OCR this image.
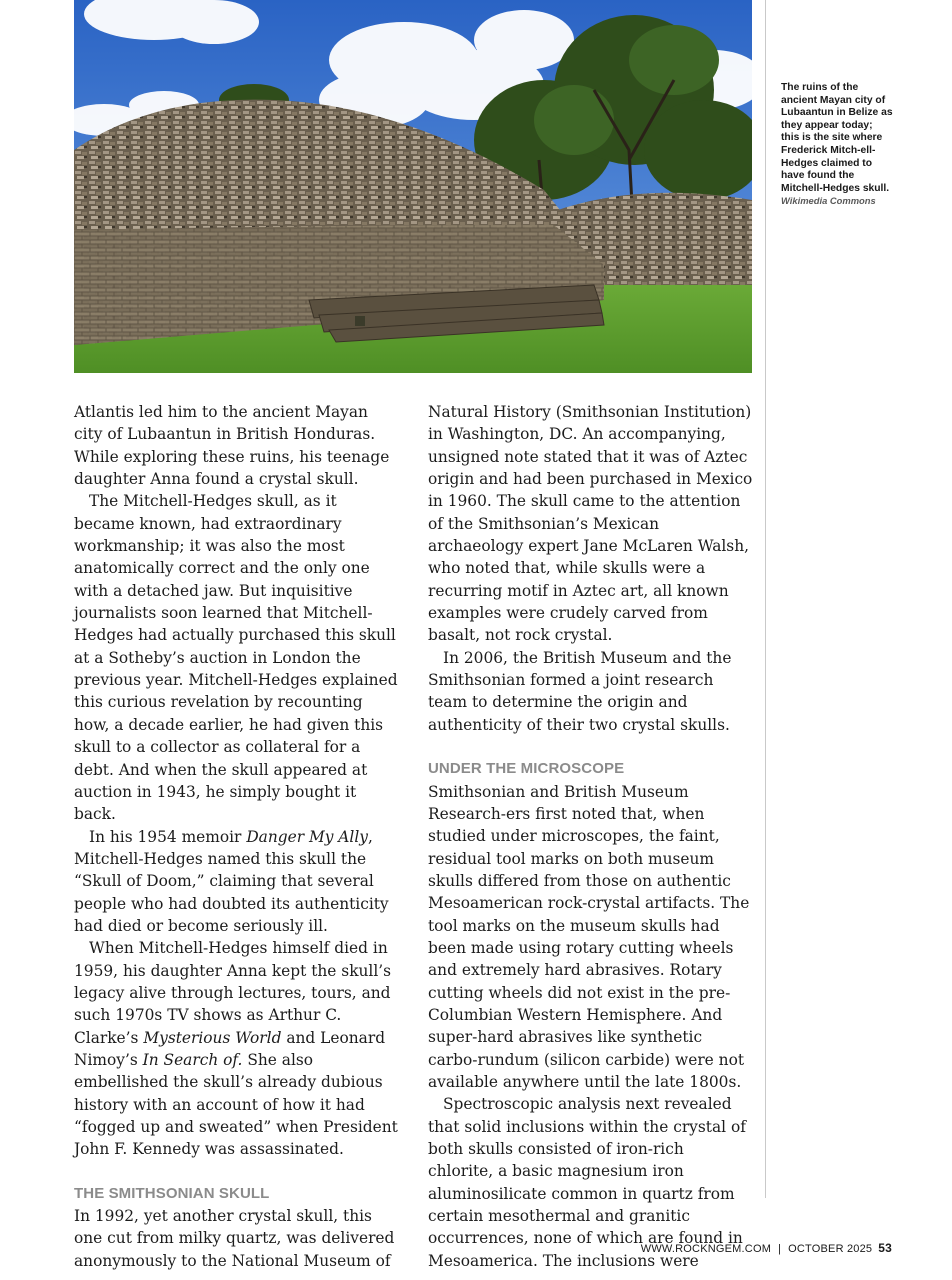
The ruins of the ancient Mayan city of Lubaantun in Belize as they appear today; this is the site where Frederick Mitch-ell-Hedges claimed to have found the Mitchell-Hedges skull.
Wikimedia Commons

Atlantis led him to the ancient Mayan city of Lubaantun in British Honduras. While exploring these ruins, his teenage daughter Anna found a crystal skull.

The Mitchell-Hedges skull, as it became known, had extraordinary workmanship; it was also the most anatomically correct and the only one with a detached jaw. But inquisitive journalists soon learned that Mitchell-Hedges had actually purchased this skull at a Sotheby’s auction in London the previous year. Mitchell-Hedges explained this curious revelation by recounting how, a decade earlier, he had given this skull to a collector as collateral for a debt. And when the skull appeared at auction in 1943, he simply bought it back.

In his 1954 memoir Danger My Ally, Mitchell-Hedges named this skull the “Skull of Doom,” claiming that several people who had doubted its authenticity had died or become seriously ill.

When Mitchell-Hedges himself died in 1959, his daughter Anna kept the skull’s legacy alive through lectures, tours, and such 1970s TV shows as Arthur C. Clarke’s Mysterious World and Leonard Nimoy’s In Search of. She also embellished the skull’s already dubious history with an account of how it had “fogged up and sweated” when President John F. Kennedy was assassinated.

THE SMITHSONIAN SKULL

In 1992, yet another crystal skull, this one cut from milky quartz, was delivered anonymously to the National Museum of

Natural History (Smithsonian Institution) in Washington, DC. An accompanying, unsigned note stated that it was of Aztec origin and had been purchased in Mexico in 1960. The skull came to the attention of the Smithsonian’s Mexican archaeology expert Jane McLaren Walsh, who noted that, while skulls were a recurring motif in Aztec art, all known examples were crudely carved from basalt, not rock crystal.

In 2006, the British Museum and the Smithsonian formed a joint research team to determine the origin and authenticity of their two crystal skulls.

UNDER THE MICROSCOPE

Smithsonian and British Museum Research-ers first noted that, when studied under microscopes, the faint, residual tool marks on both museum skulls differed from those on authentic Mesoamerican rock-crystal artifacts. The tool marks on the museum skulls had been made using rotary cutting wheels and extremely hard abrasives. Rotary cutting wheels did not exist in the pre-Columbian Western Hemisphere. And super-hard abrasives like synthetic carbo-rundum (silicon carbide) were not available anywhere until the late 1800s.

Spectroscopic analysis next revealed that solid inclusions within the crystal of both skulls consisted of iron-rich chlorite, a basic magnesium iron aluminosilicate common in quartz from certain mesothermal and granitic occurrences, none of which are found in Mesoamerica. The inclusions were

WWW.ROCKNGEM.COM | OCTOBER 2025 53
